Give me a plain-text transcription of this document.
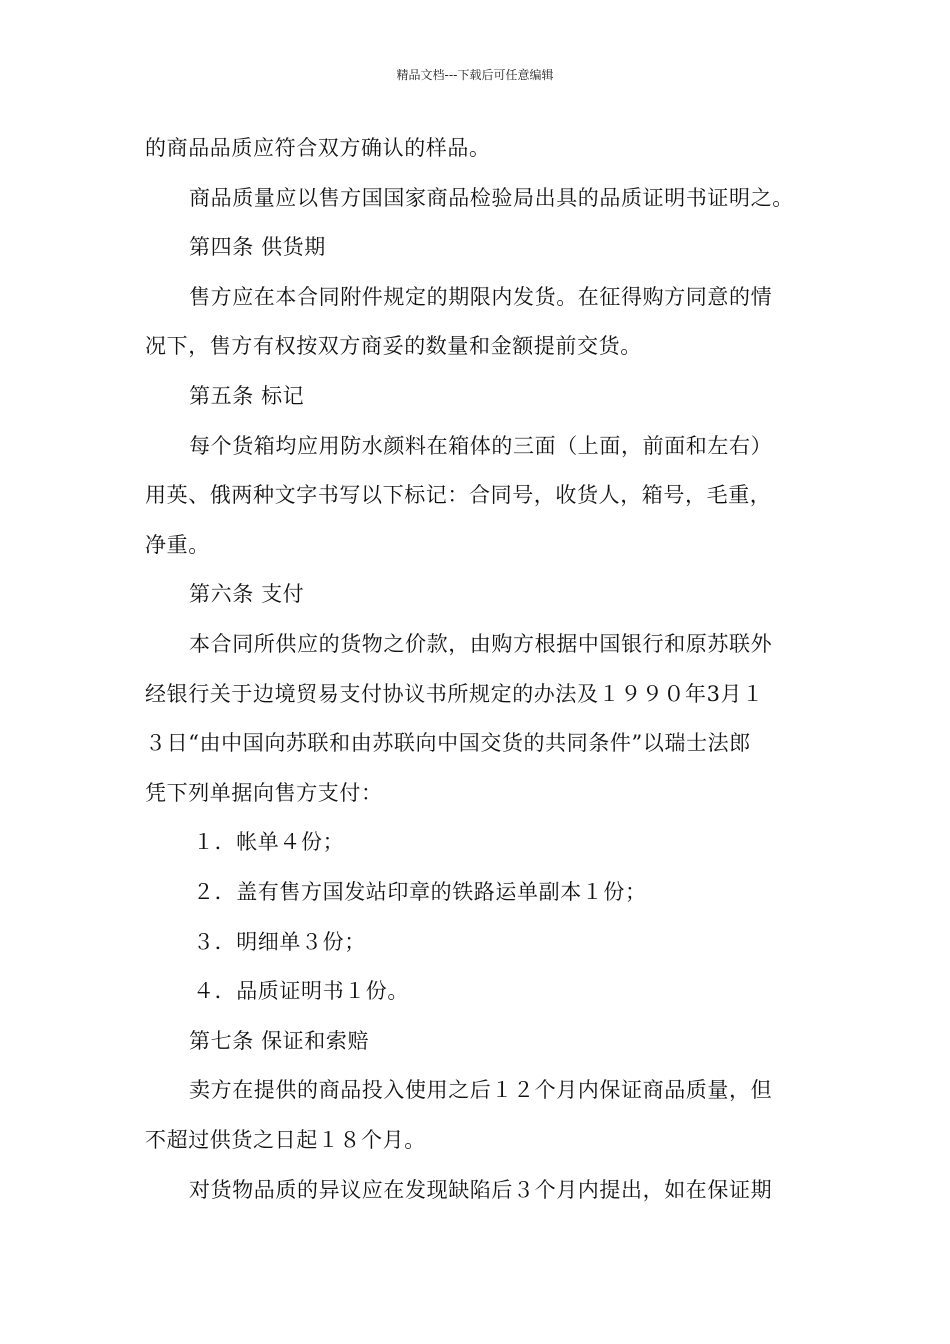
精品文档---下载后可任意编辑
的商品品质应符合双方确认的样品。
商品质量应以售方国国家商品检验局出具的品质证明书证明之。
第四条 供货期
售方应在本合同附件规定的期限内发货。在征得购方同意的情
况下，售方有权按双方商妥的数量和金额提前交货。
第五条 标记
每个货箱均应用防水颜料在箱体的三面（上面，前面和左右）
用英、俄两种文字书写以下标记：合同号，收货人，箱号，毛重，
净重。
第六条 支付
本合同所供应的货物之价款，由购方根据中国银行和原苏联外
经银行关于边境贸易支付协议书所规定的办法及１９９０年3月１
３日“由中国向苏联和由苏联向中国交货的共同条件”以瑞士法郎
凭下列单据向售方支付：
１．帐单４份；
２．盖有售方国发站印章的铁路运单副本１份；
３．明细单３份；
４．品质证明书１份。
第七条 保证和索赔
卖方在提供的商品投入使用之后１２个月内保证商品质量，但
不超过供货之日起１８个月。
对货物品质的异议应在发现缺陷后３个月内提出，如在保证期
